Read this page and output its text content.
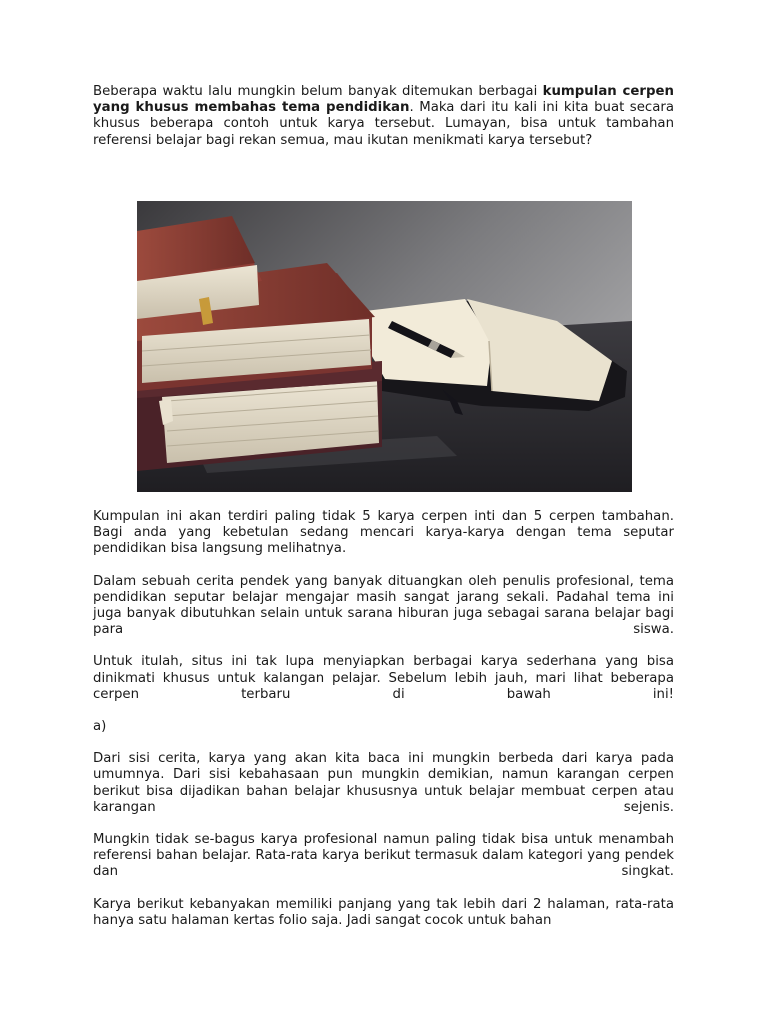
Beberapa waktu lalu mungkin belum banyak ditemukan berbagai kumpulan cerpen yang khusus membahas tema pendidikan. Maka dari itu kali ini kita buat secara khusus beberapa contoh untuk karya tersebut. Lumayan, bisa untuk tambahan referensi belajar bagi rekan semua, mau ikutan menikmati karya tersebut?

Kumpulan ini akan terdiri paling tidak 5 karya cerpen inti dan 5 cerpen tambahan. Bagi anda yang kebetulan sedang mencari karya-karya dengan tema seputar pendidikan bisa langsung melihatnya.

Dalam sebuah cerita pendek yang banyak dituangkan oleh penulis profesional, tema pendidikan seputar belajar mengajar masih sangat jarang sekali. Padahal tema ini juga banyak dibutuhkan selain untuk sarana hiburan juga sebagai sarana belajar bagi para siswa.

Untuk itulah, situs ini tak lupa menyiapkan berbagai karya sederhana yang bisa dinikmati khusus untuk kalangan pelajar. Sebelum lebih jauh, mari lihat beberapa cerpen terbaru di bawah ini!

a)

Dari sisi cerita, karya yang akan kita baca ini mungkin berbeda dari karya pada umumnya. Dari sisi kebahasaan pun mungkin demikian, namun karangan cerpen berikut bisa dijadikan bahan belajar khususnya untuk belajar membuat cerpen atau karangan sejenis.

Mungkin tidak se-bagus karya profesional namun paling tidak bisa untuk menambah referensi bahan belajar. Rata-rata karya berikut termasuk dalam kategori yang pendek dan singkat.

Karya berikut kebanyakan memiliki panjang yang tak lebih dari 2 halaman, rata-rata hanya satu halaman kertas folio saja. Jadi sangat cocok untuk bahan
